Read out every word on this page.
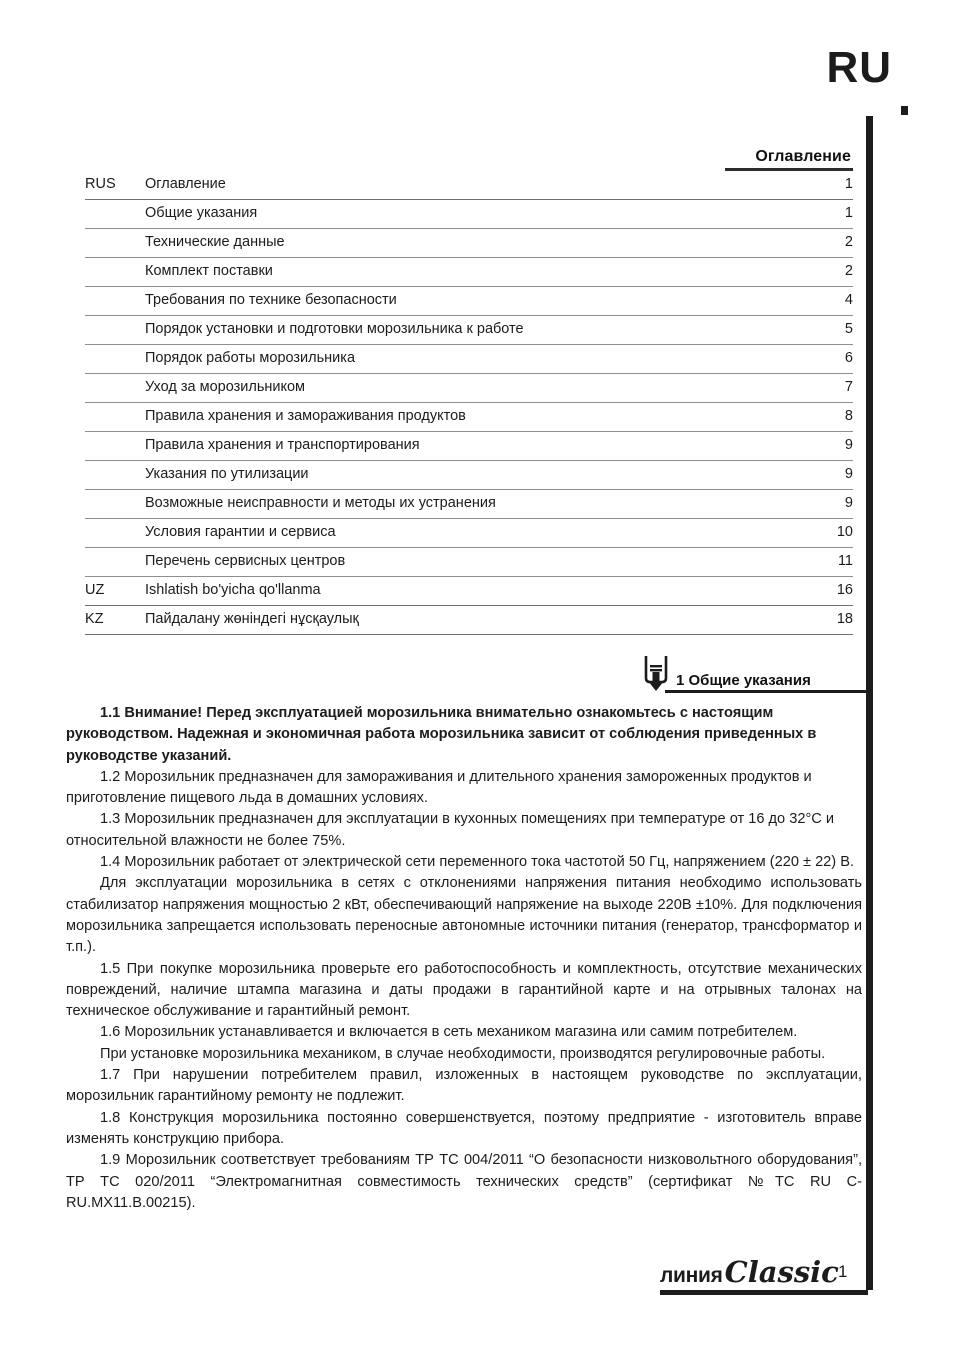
RU
Оглавление
RUS	Оглавление	1
Общие указания	1
Технические данные	2
Комплект поставки	2
Требования по технике безопасности	4
Порядок установки и подготовки морозильника к работе	5
Порядок работы морозильника	6
Уход за морозильником	7
Правила хранения и замораживания продуктов	8
Правила хранения и транспортирования	9
Указания по утилизации	9
Возможные неисправности и методы их устранения	9
Условия гарантии и сервиса	10
Перечень сервисных центров	11
UZ	Ishlatish bo'yicha qo'llanma	16
KZ	Пайдалану жөніндегі нұсқаулық	18
1 Общие указания

1.1 Внимание! Перед эксплуатацией морозильника внимательно ознакомьтесь с настоящим руководством. Надежная и экономичная работа морозильника зависит от соблюдения приведенных в руководстве указаний.

1.2 Морозильник предназначен для замораживания и длительного хранения замороженных продуктов и приготовление пищевого льда в домашних условиях.

1.3 Морозильник предназначен для эксплуатации в кухонных помещениях при температуре от 16 до 32°С и относительной влажности не более 75%.

1.4 Морозильник работает от электрической сети переменного тока частотой 50 Гц, напряжением (220 ± 22) В.

Для эксплуатации морозильника в сетях с отклонениями напряжения питания необходимо использовать стабилизатор напряжения мощностью 2 кВт, обеспечивающий напряжение на выходе 220В ±10%. Для подключения морозильника запрещается использовать переносные автономные источники питания (генератор, трансформатор и т.п.).

1.5 При покупке морозильника проверьте его работоспособность и комплектность, отсутствие механических повреждений, наличие штампа магазина и даты продажи в гарантийной карте и на отрывных талонах на техническое обслуживание и гарантийный ремонт.

1.6 Морозильник устанавливается и включается в сеть механиком магазина или самим потребителем.

При установке морозильника механиком, в случае необходимости, производятся регулировочные работы.

1.7 При нарушении потребителем правил, изложенных в настоящем руководстве по эксплуатации, морозильник гарантийному ремонту не подлежит.

1.8 Конструкция морозильника постоянно совершенствуется, поэтому предприятие - изготовитель вправе изменять конструкцию прибора.

1.9 Морозильник соответствует требованиям ТР ТС 004/2011 “О безопасности низковольтного оборудования”, ТР ТС 020/2011 “Электромагнитная совместимость технических средств” (сертификат №ТС RU C-RU.MX11.B.00215).

линия Classic 1
